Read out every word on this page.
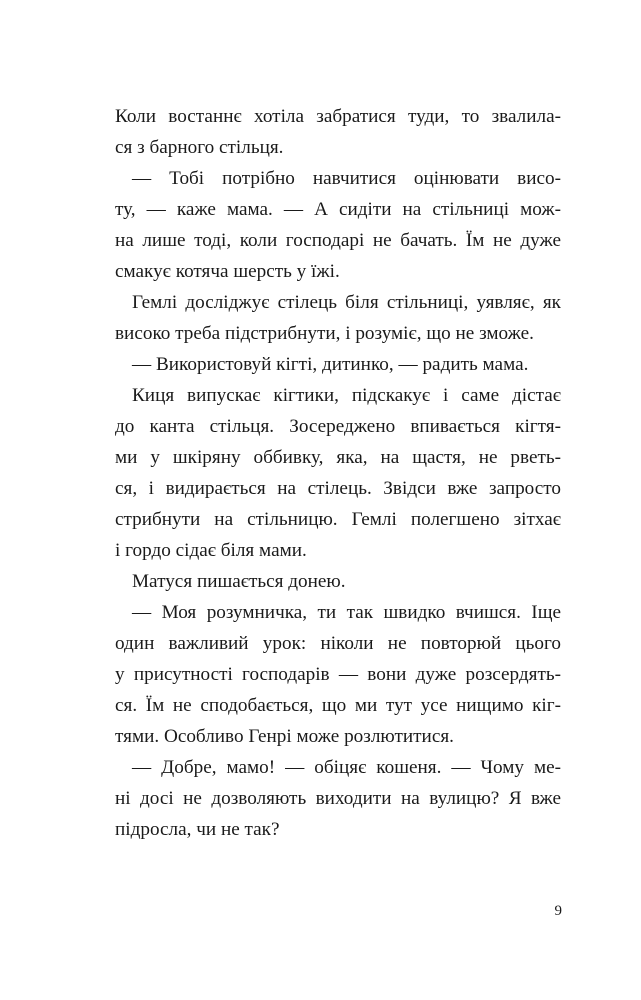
Коли востаннє хотіла забратися туди, то звалила-
ся з барного стільця.
— Тобі потрібно навчитися оцінювати висо-
ту, — каже мама. — А сидіти на стільниці мож-
на лише тоді, коли господарі не бачать. Їм не дуже
смакує котяча шерсть у їжі.
Гемлі досліджує стілець біля стільниці, уявляє, як
високо треба підстрибнути, і розуміє, що не зможе.
— Використовуй кігті, дитинко, — радить мама.
Киця випускає кігтики, підскакує і саме дістає
до канта стільця. Зосереджено впивається кігтя-
ми у шкіряну оббивку, яка, на щастя, не рветь-
ся, і видирається на стілець. Звідси вже запросто
стрибнути на стільницю. Гемлі полегшено зітхає
і гордо сідає біля мами.
Матуся пишається донею.
— Моя розумничка, ти так швидко вчишся. Іще
один важливий урок: ніколи не повторюй цього
у присутності господарів — вони дуже розсердять-
ся. Їм не сподобається, що ми тут усе нищимо кіг-
тями. Особливо Генрі може розлютитися.
— Добре, мамо! — обіцяє кошеня. — Чому ме-
ні досі не дозволяють виходити на вулицю? Я вже
підросла, чи не так?
9
